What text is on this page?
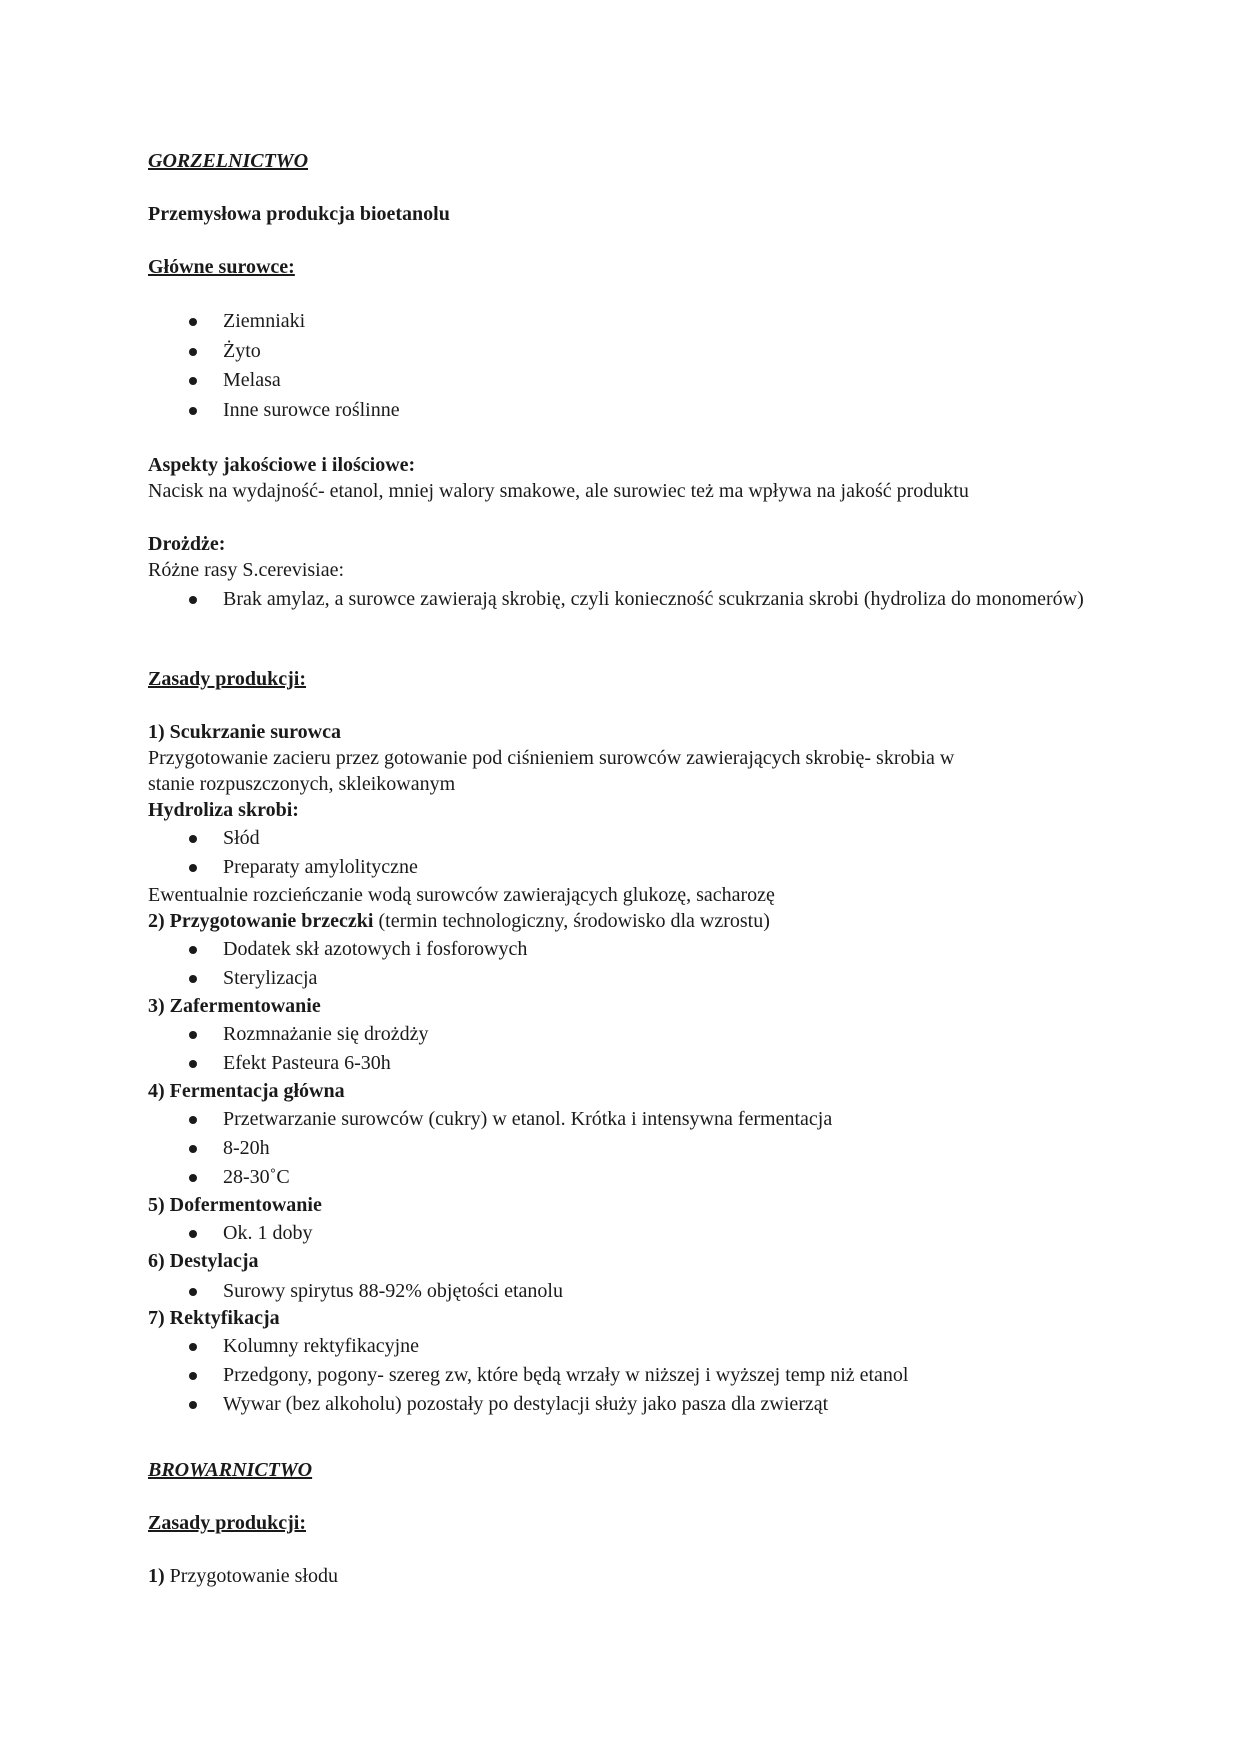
GORZELNICTWO
Przemysłowa produkcja bioetanolu
Główne surowce:
Ziemniaki
Żyto
Melasa
Inne surowce roślinne
Aspekty jakościowe i ilościowe:
Nacisk na wydajność- etanol, mniej walory smakowe, ale surowiec też ma wpływa na jakość produktu
Drożdże:
Różne rasy S.cerevisiae:
Brak amylaz, a surowce zawierają skrobię, czyli konieczność scukrzania skrobi (hydroliza do monomerów)
Zasady produkcji:
1) Scukrzanie surowca
Przygotowanie zacieru przez gotowanie pod ciśnieniem surowców zawierających skrobię- skrobia w
stanie rozpuszczonych, skleikowanym
Hydroliza skrobi:
Słód
Preparaty amylolityczne
Ewentualnie rozcieńczanie wodą surowców zawierających glukozę, sacharozę
2) Przygotowanie brzeczki (termin technologiczny, środowisko dla wzrostu)
Dodatek skł azotowych i fosforowych
Sterylizacja
3) Zafermentowanie
Rozmnażanie się drożdży
Efekt Pasteura 6-30h
4) Fermentacja główna
Przetwarzanie surowców (cukry) w etanol. Krótka i intensywna fermentacja
8-20h
28-30˚C
5) Dofermentowanie
Ok. 1 doby
6) Destylacja
Surowy spirytus 88-92% objętości etanolu
7) Rektyfikacja
Kolumny rektyfikacyjne
Przedgony, pogony- szereg zw, które będą wrzały w niższej i wyższej temp niż etanol
Wywar (bez alkoholu) pozostały po destylacji służy jako pasza dla zwierząt
BROWARNICTWO
Zasady produkcji:
1) Przygotowanie słodu
